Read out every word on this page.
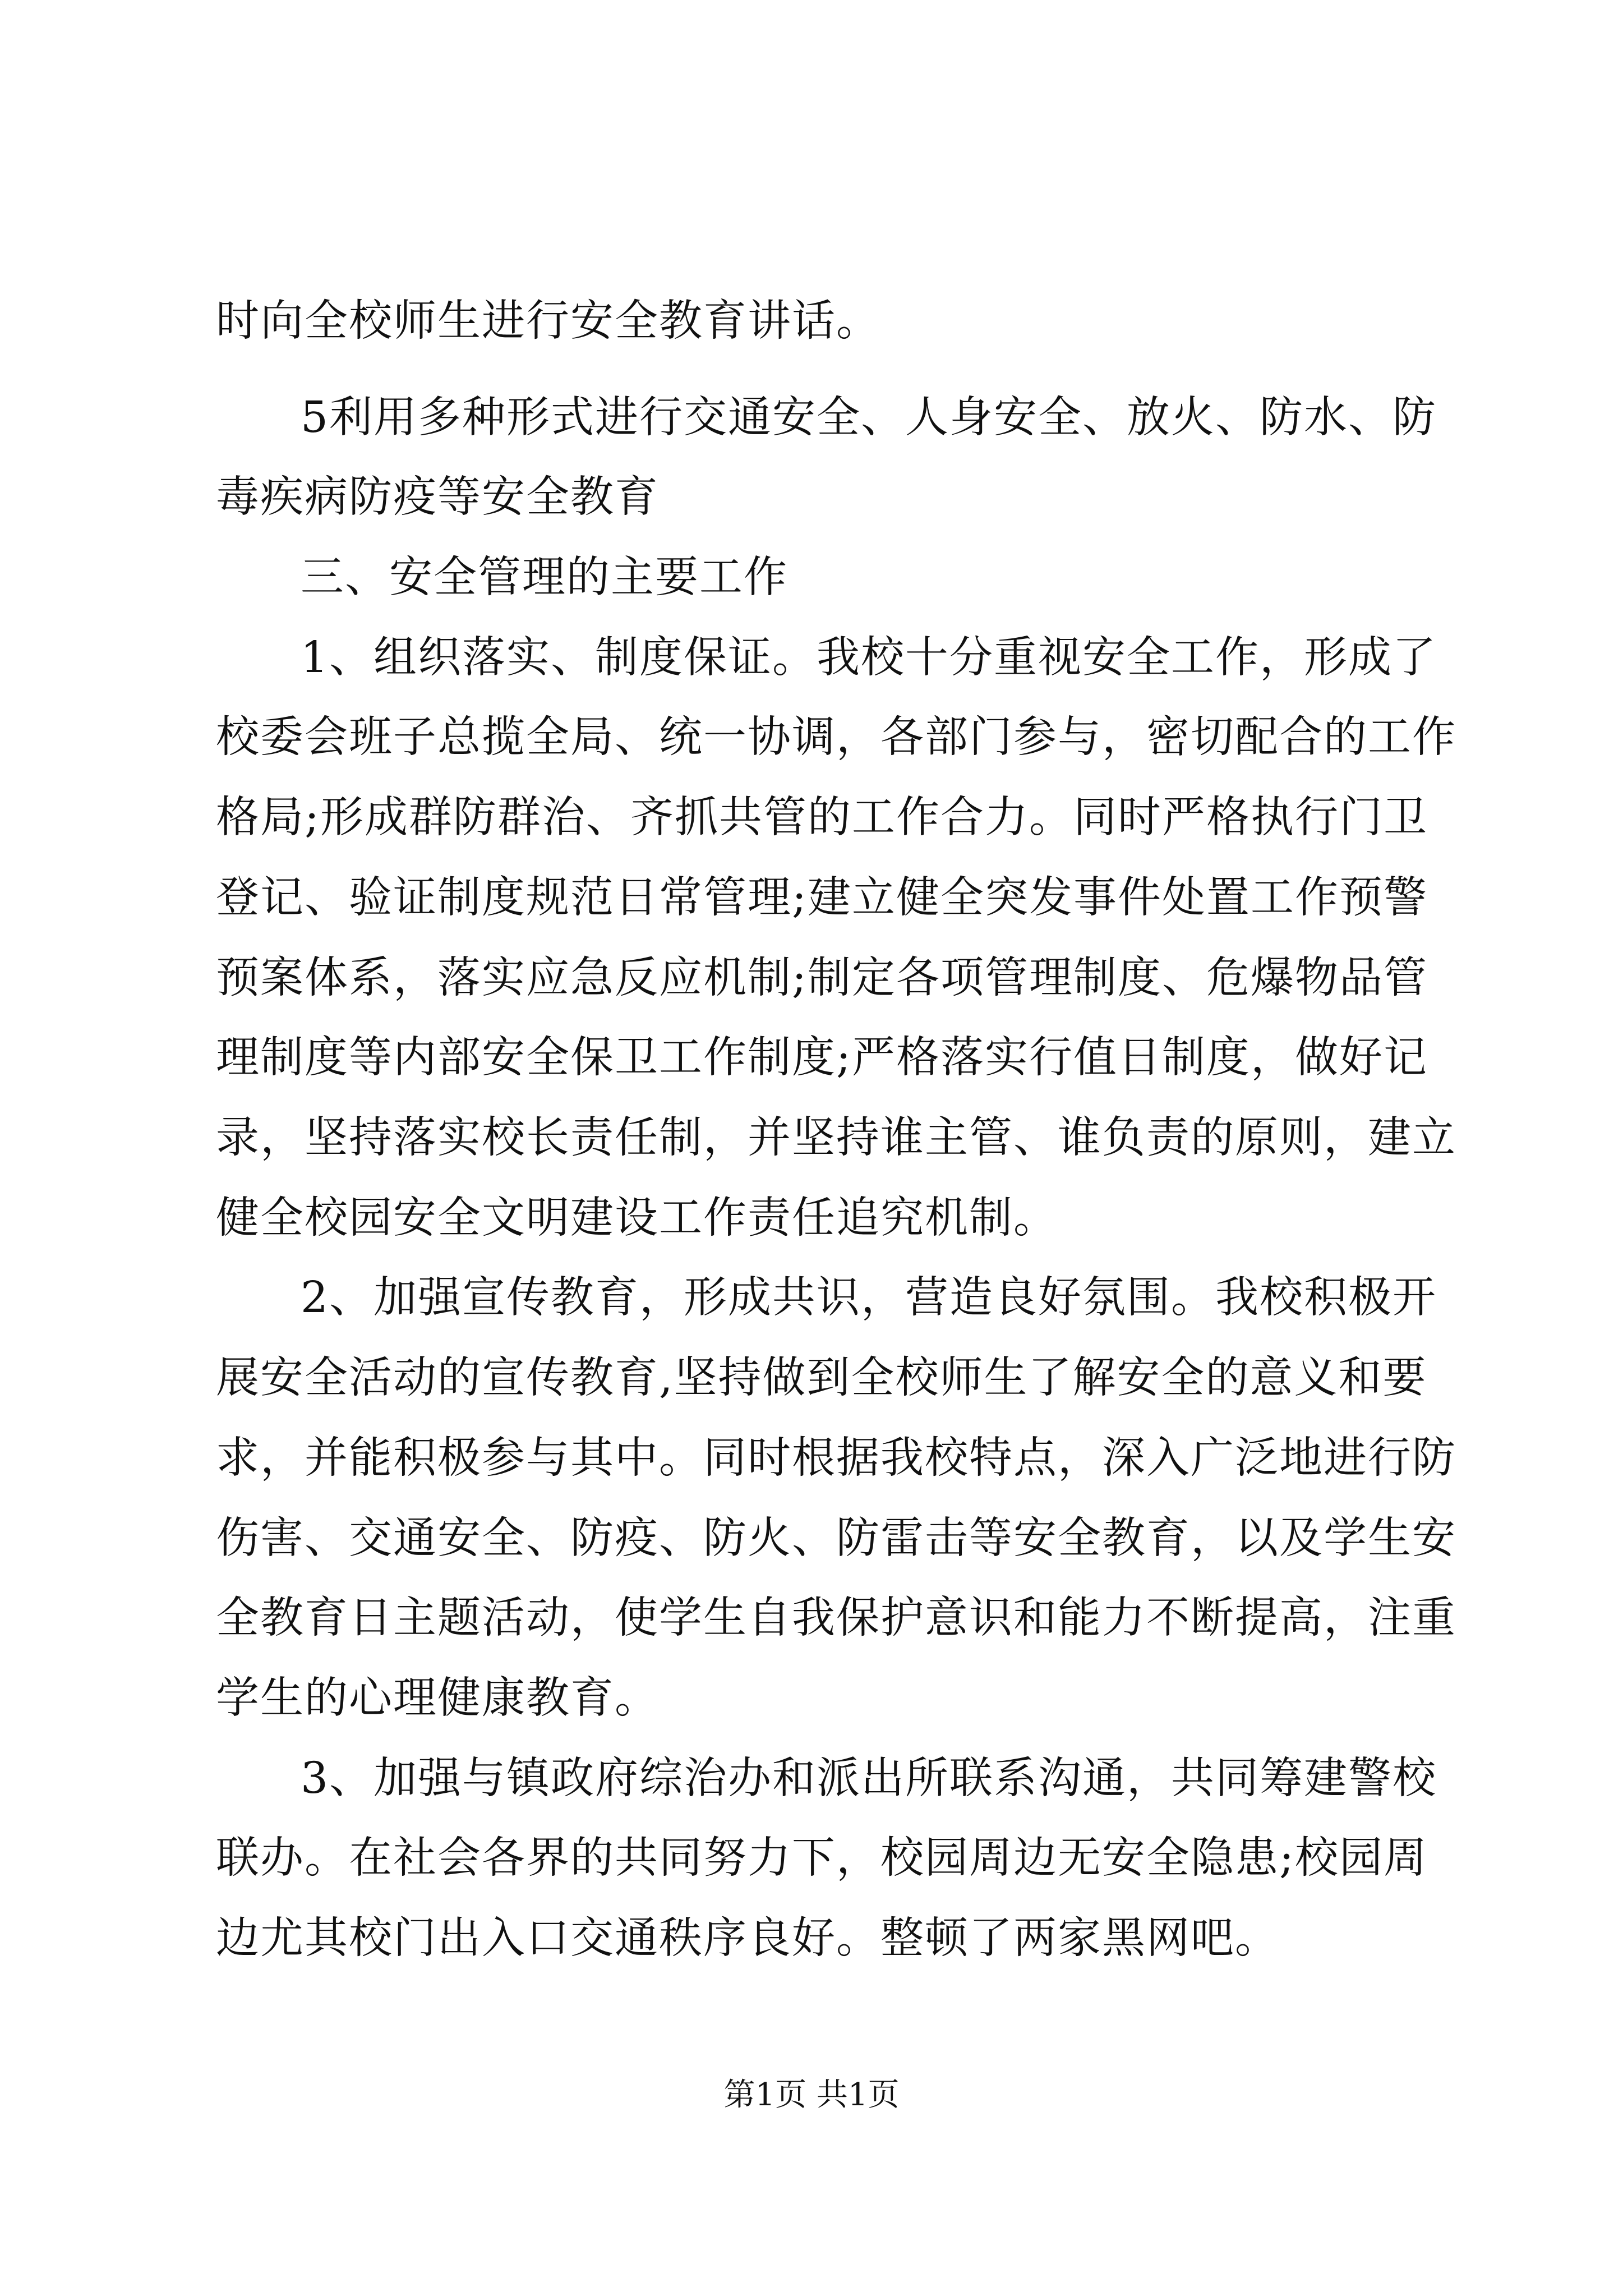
时向全校师生进行安全教育讲话。
5利用多种形式进行交通安全、人身安全、放火、防水、防
毒疾病防疫等安全教育
三、安全管理的主要工作
1、组织落实、制度保证。我校十分重视安全工作，形成了
校委会班子总揽全局、统一协调，各部门参与，密切配合的工作
格局;形成群防群治、齐抓共管的工作合力。同时严格执行门卫
登记、验证制度规范日常管理;建立健全突发事件处置工作预警
预案体系，落实应急反应机制;制定各项管理制度、危爆物品管
理制度等内部安全保卫工作制度;严格落实行值日制度，做好记
录，坚持落实校长责任制，并坚持谁主管、谁负责的原则，建立
健全校园安全文明建设工作责任追究机制。
2、加强宣传教育，形成共识，营造良好氛围。我校积极开
展安全活动的宣传教育,坚持做到全校师生了解安全的意义和要
求，并能积极参与其中。同时根据我校特点，深入广泛地进行防
伤害、交通安全、防疫、防火、防雷击等安全教育，以及学生安
全教育日主题活动，使学生自我保护意识和能力不断提高，注重
学生的心理健康教育。
3、加强与镇政府综治办和派出所联系沟通，共同筹建警校
联办。在社会各界的共同努力下，校园周边无安全隐患;校园周
边尤其校门出入口交通秩序良好。整顿了两家黑网吧。
第1页 共1页
